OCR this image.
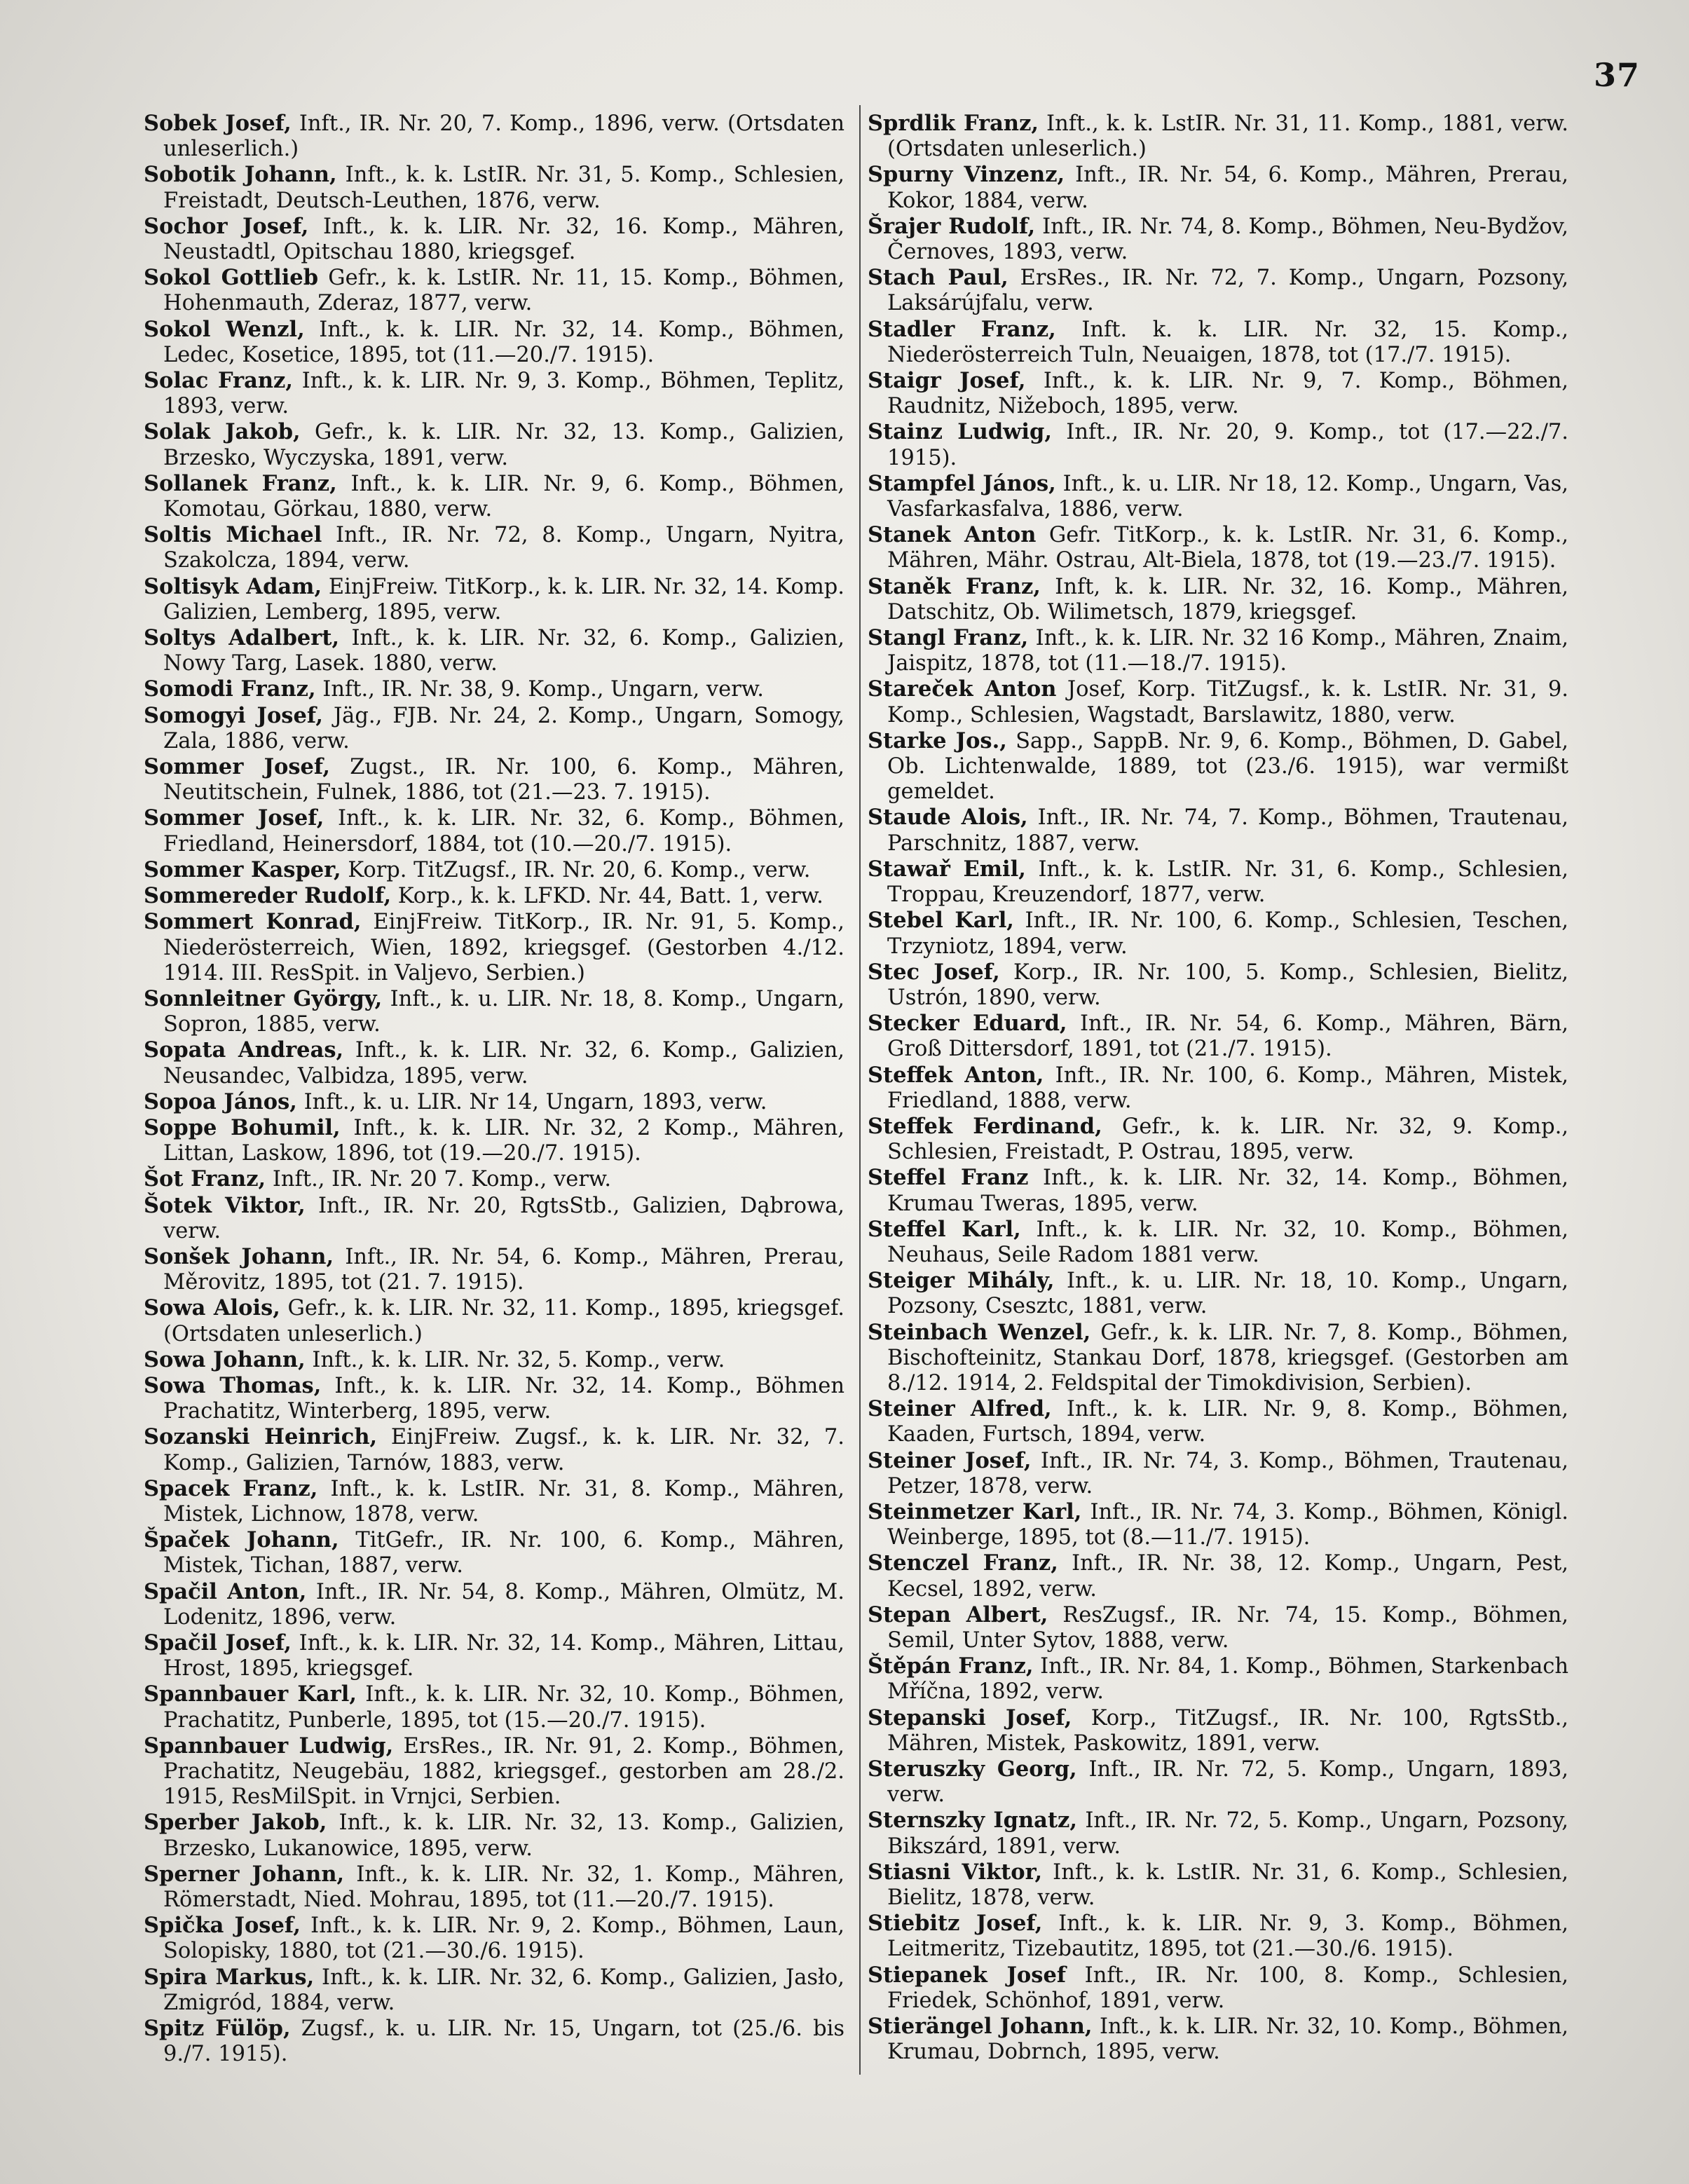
37

Sobek Josef, Inft., IR. Nr. 20, 7. Komp., 1896, verw. (Ortsdaten unleserlich.)

Sobotik Johann, Inft., k. k. LstIR. Nr. 31, 5. Komp., Schlesien, Freistadt, Deutsch-Leuthen, 1876, verw.

Sochor Josef, Inft., k. k. LIR. Nr. 32, 16. Komp., Mähren, Neustadtl, Opitschau 1880, kriegsgef.

Sokol Gottlieb Gefr., k. k. LstIR. Nr. 11, 15. Komp., Böhmen, Hohenmauth, Zderaz, 1877, verw.

Sokol Wenzl, Inft., k. k. LIR. Nr. 32, 14. Komp., Böhmen, Ledec, Kosetice, 1895, tot (11.—20./7. 1915).

Solac Franz, Inft., k. k. LIR. Nr. 9, 3. Komp., Böhmen, Teplitz, 1893, verw.

Solak Jakob, Gefr., k. k. LIR. Nr. 32, 13. Komp., Galizien, Brzesko, Wyczyska, 1891, verw.

Sollanek Franz, Inft., k. k. LIR. Nr. 9, 6. Komp., Böhmen, Komotau, Görkau, 1880, verw.

Soltis Michael Inft., IR. Nr. 72, 8. Komp., Ungarn, Nyitra, Szakolcza, 1894, verw.

Soltisyk Adam, EinjFreiw. TitKorp., k. k. LIR. Nr. 32, 14. Komp. Galizien, Lemberg, 1895, verw.

Soltys Adalbert, Inft., k. k. LIR. Nr. 32, 6. Komp., Galizien, Nowy Targ, Lasek. 1880, verw.

Somodi Franz, Inft., IR. Nr. 38, 9. Komp., Ungarn, verw.

Somogyi Josef, Jäg., FJB. Nr. 24, 2. Komp., Ungarn, Somogy, Zala, 1886, verw.

Sommer Josef, Zugst., IR. Nr. 100, 6. Komp., Mähren, Neutitschein, Fulnek, 1886, tot (21.—23. 7. 1915).

Sommer Josef, Inft., k. k. LIR. Nr. 32, 6. Komp., Böhmen, Friedland, Heinersdorf, 1884, tot (10.—20./7. 1915).

Sommer Kasper, Korp. TitZugsf., IR. Nr. 20, 6. Komp., verw.

Sommereder Rudolf, Korp., k. k. LFKD. Nr. 44, Batt. 1, verw.

Sommert Konrad, EinjFreiw. TitKorp., IR. Nr. 91, 5. Komp., Niederösterreich, Wien, 1892, kriegsgef. (Gestorben 4./12. 1914. III. ResSpit. in Valjevo, Serbien.)

Sonnleitner György, Inft., k. u. LIR. Nr. 18, 8. Komp., Ungarn, Sopron, 1885, verw.

Sopata Andreas, Inft., k. k. LIR. Nr. 32, 6. Komp., Galizien, Neusandec, Valbidza, 1895, verw.

Sopoa János, Inft., k. u. LIR. Nr 14, Ungarn, 1893, verw.

Soppe Bohumil, Inft., k. k. LIR. Nr. 32, 2 Komp., Mähren, Littan, Laskow, 1896, tot (19.—20./7. 1915).

Šot Franz, Inft., IR. Nr. 20 7. Komp., verw.

Šotek Viktor, Inft., IR. Nr. 20, RgtsStb., Galizien, Dąbrowa, verw.

Sonšek Johann, Inft., IR. Nr. 54, 6. Komp., Mähren, Prerau, Měrovitz, 1895, tot (21. 7. 1915).

Sowa Alois, Gefr., k. k. LIR. Nr. 32, 11. Komp., 1895, kriegsgef. (Ortsdaten unleserlich.)

Sowa Johann, Inft., k. k. LIR. Nr. 32, 5. Komp., verw.

Sowa Thomas, Inft., k. k. LIR. Nr. 32, 14. Komp., Böhmen Prachatitz, Winterberg, 1895, verw.

Sozanski Heinrich, EinjFreiw. Zugsf., k. k. LIR. Nr. 32, 7. Komp., Galizien, Tarnów, 1883, verw.

Spacek Franz, Inft., k. k. LstIR. Nr. 31, 8. Komp., Mähren, Mistek, Lichnow, 1878, verw.

Špaček Johann, TitGefr., IR. Nr. 100, 6. Komp., Mähren, Mistek, Tichan, 1887, verw.

Spačil Anton, Inft., IR. Nr. 54, 8. Komp., Mähren, Olmütz, M. Lodenitz, 1896, verw.

Spačil Josef, Inft., k. k. LIR. Nr. 32, 14. Komp., Mähren, Littau, Hrost, 1895, kriegsgef.

Spannbauer Karl, Inft., k. k. LIR. Nr. 32, 10. Komp., Böhmen, Prachatitz, Punberle, 1895, tot (15.—20./7. 1915).

Spannbauer Ludwig, ErsRes., IR. Nr. 91, 2. Komp., Böhmen, Prachatitz, Neugebäu, 1882, kriegsgef., gestorben am 28./2. 1915, ResMilSpit. in Vrnjci, Serbien.

Sperber Jakob, Inft., k. k. LIR. Nr. 32, 13. Komp., Galizien, Brzesko, Lukanowice, 1895, verw.

Sperner Johann, Inft., k. k. LIR. Nr. 32, 1. Komp., Mähren, Römerstadt, Nied. Mohrau, 1895, tot (11.—20./7. 1915).

Spička Josef, Inft., k. k. LIR. Nr. 9, 2. Komp., Böhmen, Laun, Solopisky, 1880, tot (21.—30./6. 1915).

Spira Markus, Inft., k. k. LIR. Nr. 32, 6. Komp., Galizien, Jasło, Zmigród, 1884, verw.

Spitz Fülöp, Zugsf., k. u. LIR. Nr. 15, Ungarn, tot (25./6. bis 9./7. 1915).

Sprdlik Franz, Inft., k. k. LstIR. Nr. 31, 11. Komp., 1881, verw. (Ortsdaten unleserlich.)

Spurny Vinzenz, Inft., IR. Nr. 54, 6. Komp., Mähren, Prerau, Kokor, 1884, verw.

Šrajer Rudolf, Inft., IR. Nr. 74, 8. Komp., Böhmen, Neu-Bydžov, Černoves, 1893, verw.

Stach Paul, ErsRes., IR. Nr. 72, 7. Komp., Ungarn, Pozsony, Laksárújfalu, verw.

Stadler Franz, Inft. k. k. LIR. Nr. 32, 15. Komp., Niederösterreich Tuln, Neuaigen, 1878, tot (17./7. 1915).

Staigr Josef, Inft., k. k. LIR. Nr. 9, 7. Komp., Böhmen, Raudnitz, Nižeboch, 1895, verw.

Stainz Ludwig, Inft., IR. Nr. 20, 9. Komp., tot (17.—22./7. 1915).

Stampfel János, Inft., k. u. LIR. Nr 18, 12. Komp., Ungarn, Vas, Vasfarkasfalva, 1886, verw.

Stanek Anton Gefr. TitKorp., k. k. LstIR. Nr. 31, 6. Komp., Mähren, Mähr. Ostrau, Alt-Biela, 1878, tot (19.—23./7. 1915).

Staněk Franz, Inft, k. k. LIR. Nr. 32, 16. Komp., Mähren, Datschitz, Ob. Wilimetsch, 1879, kriegsgef.

Stangl Franz, Inft., k. k. LIR. Nr. 32 16 Komp., Mähren, Znaim, Jaispitz, 1878, tot (11.—18./7. 1915).

Stareček Anton Josef, Korp. TitZugsf., k. k. LstIR. Nr. 31, 9. Komp., Schlesien, Wagstadt, Barslawitz, 1880, verw.

Starke Jos., Sapp., SappB. Nr. 9, 6. Komp., Böhmen, D. Gabel, Ob. Lichtenwalde, 1889, tot (23./6. 1915), war vermißt gemeldet.

Staude Alois, Inft., IR. Nr. 74, 7. Komp., Böhmen, Trautenau, Parschnitz, 1887, verw.

Stawař Emil, Inft., k. k. LstIR. Nr. 31, 6. Komp., Schlesien, Troppau, Kreuzendorf, 1877, verw.

Stebel Karl, Inft., IR. Nr. 100, 6. Komp., Schlesien, Teschen, Trzyniotz, 1894, verw.

Stec Josef, Korp., IR. Nr. 100, 5. Komp., Schlesien, Bielitz, Ustrón, 1890, verw.

Stecker Eduard, Inft., IR. Nr. 54, 6. Komp., Mähren, Bärn, Groß Dittersdorf, 1891, tot (21./7. 1915).

Steffek Anton, Inft., IR. Nr. 100, 6. Komp., Mähren, Mistek, Friedland, 1888, verw.

Steffek Ferdinand, Gefr., k. k. LIR. Nr. 32, 9. Komp., Schlesien, Freistadt, P. Ostrau, 1895, verw.

Steffel Franz Inft., k. k. LIR. Nr. 32, 14. Komp., Böhmen, Krumau Tweras, 1895, verw.

Steffel Karl, Inft., k. k. LIR. Nr. 32, 10. Komp., Böhmen, Neuhaus, Seile Radom 1881 verw.

Steiger Mihály, Inft., k. u. LIR. Nr. 18, 10. Komp., Ungarn, Pozsony, Csesztc, 1881, verw.

Steinbach Wenzel, Gefr., k. k. LIR. Nr. 7, 8. Komp., Böhmen, Bischofteinitz, Stankau Dorf, 1878, kriegsgef. (Gestorben am 8./12. 1914, 2. Feldspital der Timokdivision, Serbien).

Steiner Alfred, Inft., k. k. LIR. Nr. 9, 8. Komp., Böhmen, Kaaden, Furtsch, 1894, verw.

Steiner Josef, Inft., IR. Nr. 74, 3. Komp., Böhmen, Trautenau, Petzer, 1878, verw.

Steinmetzer Karl, Inft., IR. Nr. 74, 3. Komp., Böhmen, Königl. Weinberge, 1895, tot (8.—11./7. 1915).

Stenczel Franz, Inft., IR. Nr. 38, 12. Komp., Ungarn, Pest, Kecsel, 1892, verw.

Stepan Albert, ResZugsf., IR. Nr. 74, 15. Komp., Böhmen, Semil, Unter Sytov, 1888, verw.

Štěpán Franz, Inft., IR. Nr. 84, 1. Komp., Böhmen, Starkenbach Mříčna, 1892, verw.

Stepanski Josef, Korp., TitZugsf., IR. Nr. 100, RgtsStb., Mähren, Mistek, Paskowitz, 1891, verw.

Steruszky Georg, Inft., IR. Nr. 72, 5. Komp., Ungarn, 1893, verw.

Sternszky Ignatz, Inft., IR. Nr. 72, 5. Komp., Ungarn, Pozsony, Bikszárd, 1891, verw.

Stiasni Viktor, Inft., k. k. LstIR. Nr. 31, 6. Komp., Schlesien, Bielitz, 1878, verw.

Stiebitz Josef, Inft., k. k. LIR. Nr. 9, 3. Komp., Böhmen, Leitmeritz, Tizebautitz, 1895, tot (21.—30./6. 1915).

Stiepanek Josef Inft., IR. Nr. 100, 8. Komp., Schlesien, Friedek, Schönhof, 1891, verw.

Stierängel Johann, Inft., k. k. LIR. Nr. 32, 10. Komp., Böhmen, Krumau, Dobrnch, 1895, verw.
